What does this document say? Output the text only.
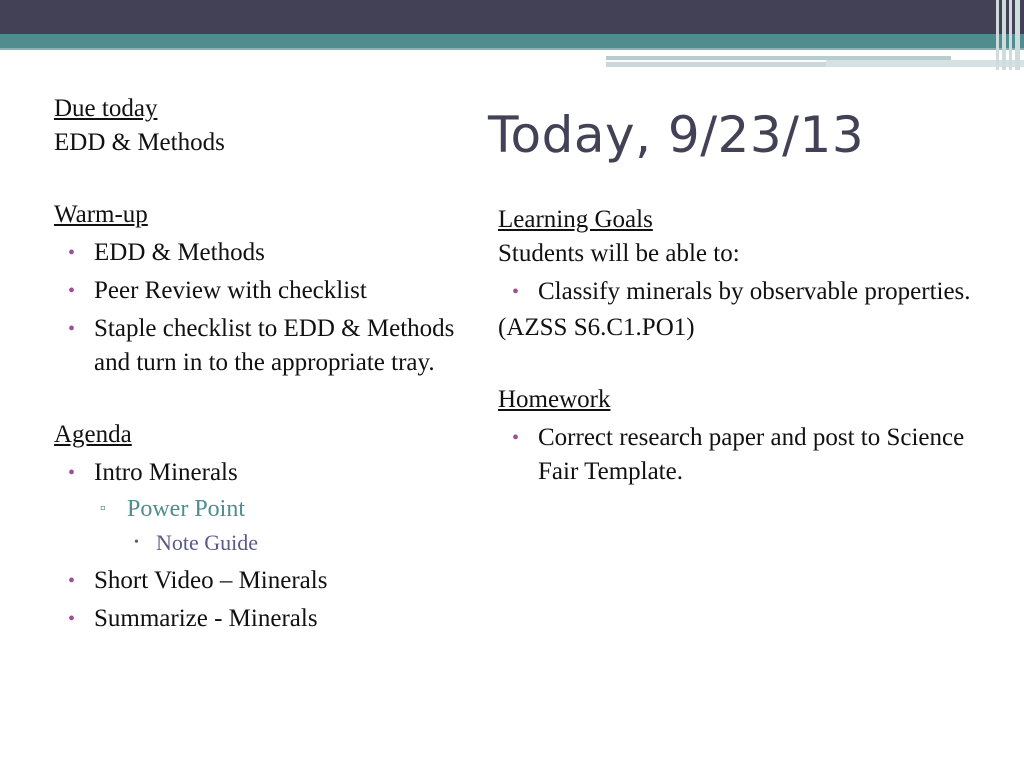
Today, 9/23/13

Due today

EDD & Methods

Warm-up

• EDD & Methods
• Peer Review with checklist
• Staple checklist to EDD & Methods and turn in to the appropriate tray.

Agenda

• Intro Minerals
▫ Power Point
• Note Guide
• Short Video – Minerals
• Summarize - Minerals

Learning Goals

Students will be able to:

• Classify minerals by observable properties.

(AZSS S6.C1.PO1)

Homework

• Correct research paper and post to Science Fair Template.
